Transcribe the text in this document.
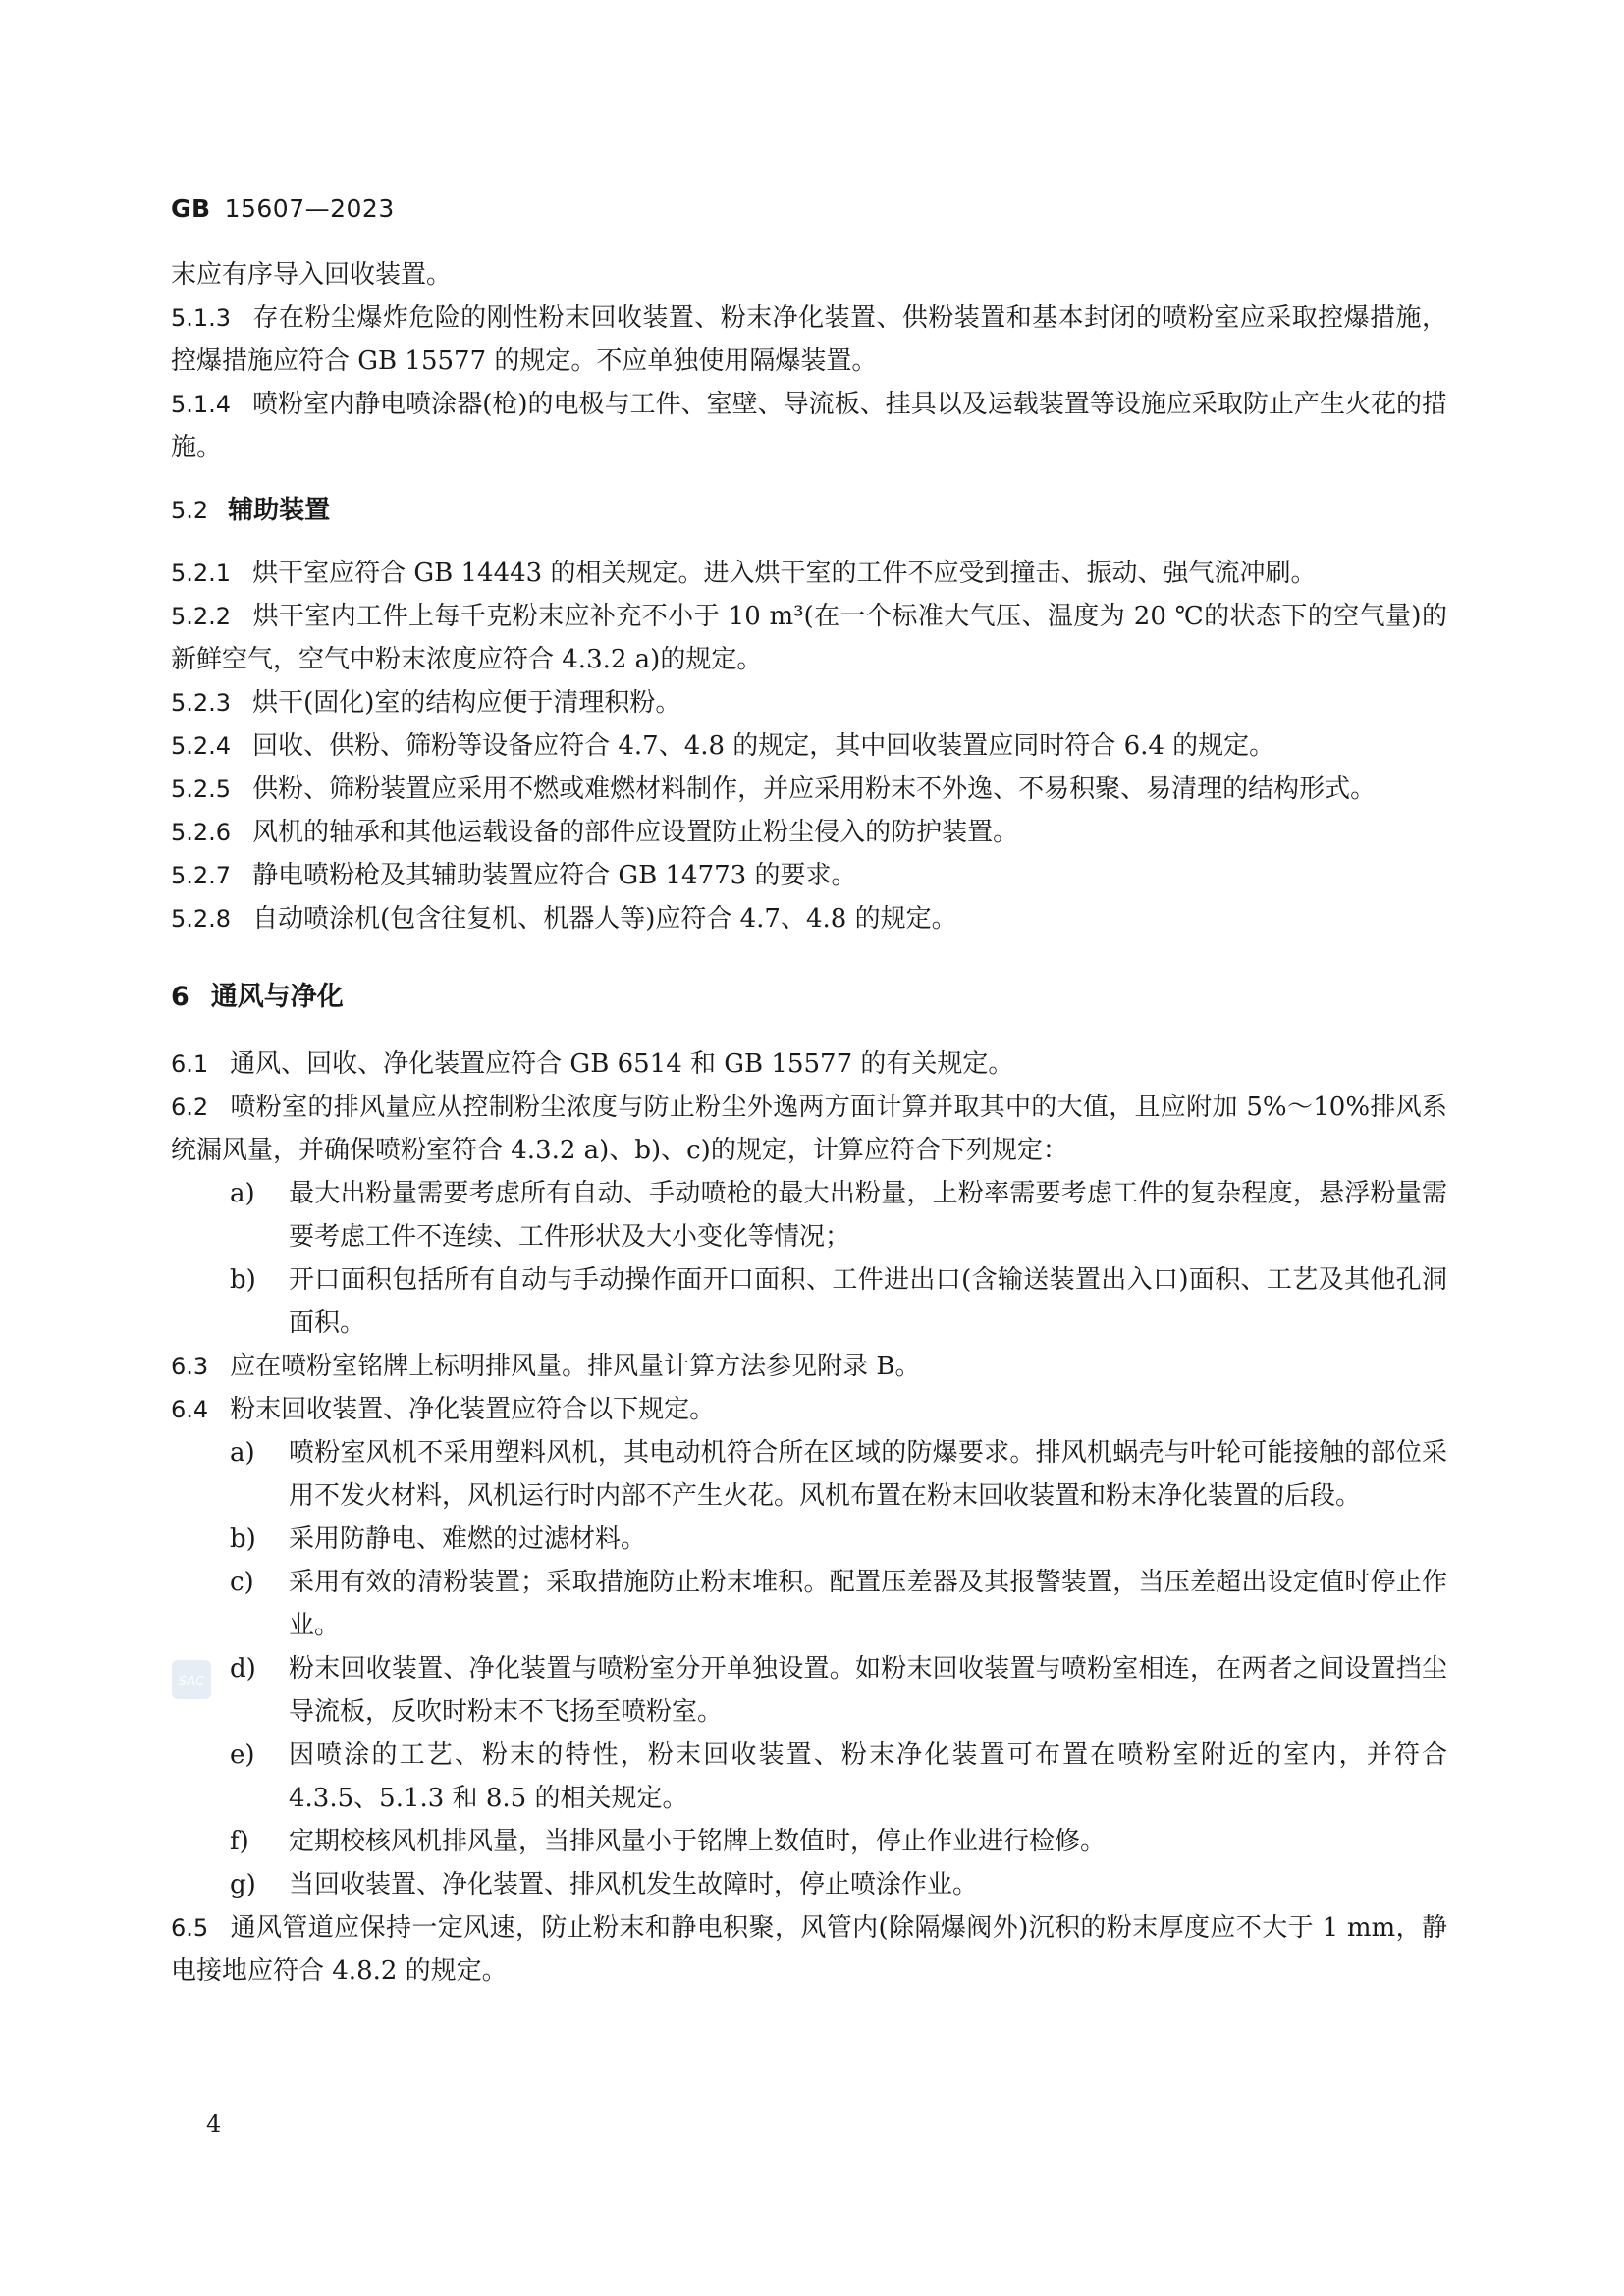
GB 15607—2023
SAC

末应有序导入回收装置。

5.1.3 存在粉尘爆炸危险的刚性粉末回收装置、粉末净化装置、供粉装置和基本封闭的喷粉室应采取控爆措施，控爆措施应符合 GB 15577 的规定。不应单独使用隔爆装置。

5.1.4 喷粉室内静电喷涂器(枪)的电极与工件、室壁、导流板、挂具以及运载装置等设施应采取防止产生火花的措施。

5.2 辅助装置

5.2.1 烘干室应符合 GB 14443 的相关规定。进入烘干室的工件不应受到撞击、振动、强气流冲刷。

5.2.2 烘干室内工件上每千克粉末应补充不小于 10 m³(在一个标准大气压、温度为 20 ℃的状态下的空气量)的新鲜空气，空气中粉末浓度应符合 4.3.2 a)的规定。

5.2.3 烘干(固化)室的结构应便于清理积粉。

5.2.4 回收、供粉、筛粉等设备应符合 4.7、4.8 的规定，其中回收装置应同时符合 6.4 的规定。

5.2.5 供粉、筛粉装置应采用不燃或难燃材料制作，并应采用粉末不外逸、不易积聚、易清理的结构形式。

5.2.6 风机的轴承和其他运载设备的部件应设置防止粉尘侵入的防护装置。

5.2.7 静电喷粉枪及其辅助装置应符合 GB 14773 的要求。

5.2.8 自动喷涂机(包含往复机、机器人等)应符合 4.7、4.8 的规定。

6 通风与净化

6.1 通风、回收、净化装置应符合 GB 6514 和 GB 15577 的有关规定。

6.2 喷粉室的排风量应从控制粉尘浓度与防止粉尘外逸两方面计算并取其中的大值，且应附加 5%～10%排风系统漏风量，并确保喷粉室符合 4.3.2 a)、b)、c)的规定，计算应符合下列规定：

a) 最大出粉量需要考虑所有自动、手动喷枪的最大出粉量，上粉率需要考虑工件的复杂程度，悬浮粉量需要考虑工件不连续、工件形状及大小变化等情况；

b) 开口面积包括所有自动与手动操作面开口面积、工件进出口(含输送装置出入口)面积、工艺及其他孔洞面积。

6.3 应在喷粉室铭牌上标明排风量。排风量计算方法参见附录 B。

6.4 粉末回收装置、净化装置应符合以下规定。

a) 喷粉室风机不采用塑料风机，其电动机符合所在区域的防爆要求。排风机蜗壳与叶轮可能接触的部位采用不发火材料，风机运行时内部不产生火花。风机布置在粉末回收装置和粉末净化装置的后段。

b) 采用防静电、难燃的过滤材料。

c) 采用有效的清粉装置；采取措施防止粉末堆积。配置压差器及其报警装置，当压差超出设定值时停止作业。

d) 粉末回收装置、净化装置与喷粉室分开单独设置。如粉末回收装置与喷粉室相连，在两者之间设置挡尘导流板，反吹时粉末不飞扬至喷粉室。

e) 因喷涂的工艺、粉末的特性，粉末回收装置、粉末净化装置可布置在喷粉室附近的室内，并符合 4.3.5、5.1.3 和 8.5 的相关规定。

f) 定期校核风机排风量，当排风量小于铭牌上数值时，停止作业进行检修。

g) 当回收装置、净化装置、排风机发生故障时，停止喷涂作业。

6.5 通风管道应保持一定风速，防止粉末和静电积聚，风管内(除隔爆阀外)沉积的粉末厚度应不大于 1 mm，静电接地应符合 4.8.2 的规定。

4
